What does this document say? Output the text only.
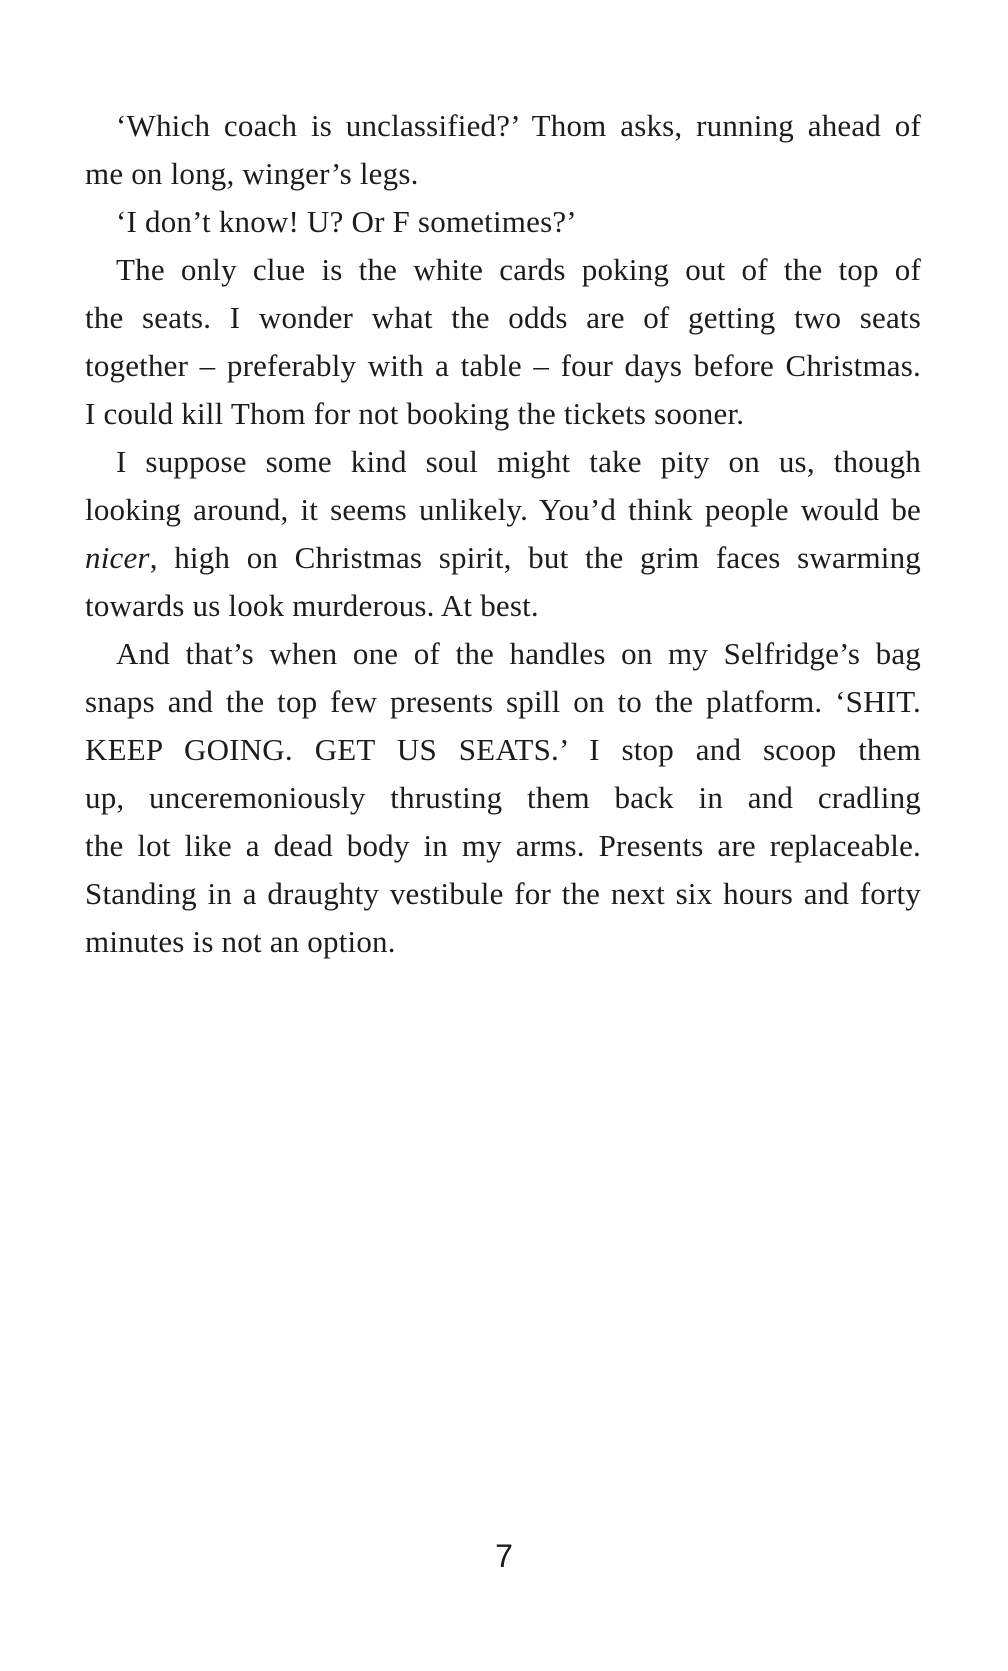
‘Which coach is unclassified?’ Thom asks, running ahead of
me on long, winger’s legs.

‘I don’t know! U? Or F sometimes?’

The only clue is the white cards poking out of the top of
the seats. I wonder what the odds are of getting two seats
together – preferably with a table – four days before Christmas.
I could kill Thom for not booking the tickets sooner.

I suppose some kind soul might take pity on us, though
looking around, it seems unlikely. You’d think people would be
nicer, high on Christmas spirit, but the grim faces swarming
towards us look murderous. At best.

And that’s when one of the handles on my Selfridge’s bag
snaps and the top few presents spill on to the platform. ‘SHIT.
KEEP GOING. GET US SEATS.’ I stop and scoop them
up, unceremoniously thrusting them back in and cradling
the lot like a dead body in my arms. Presents are replaceable.
Standing in a draughty vestibule for the next six hours and forty
minutes is not an option.

7
